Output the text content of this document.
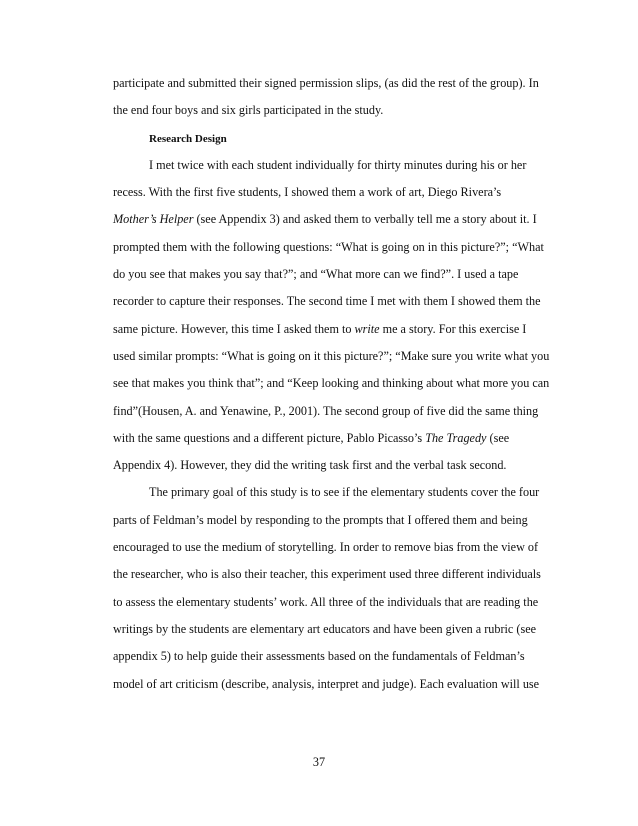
participate and submitted their signed permission slips, (as did the rest of the group). In
the end four boys and six girls participated in the study.
Research Design
I met twice with each student individually for thirty minutes during his or her
recess. With the first five students, I showed them a work of art, Diego Rivera’s
Mother’s Helper (see Appendix 3) and asked them to verbally tell me a story about it. I
prompted them with the following questions: “What is going on in this picture?”; “What
do you see that makes you say that?”; and “What more can we find?”. I used a tape
recorder to capture their responses. The second time I met with them I showed them the
same picture. However, this time I asked them to write me a story. For this exercise I
used similar prompts: “What is going on it this picture?”; “Make sure you write what you
see that makes you think that”; and “Keep looking and thinking about what more you can
find”(Housen, A. and Yenawine, P., 2001). The second group of five did the same thing
with the same questions and a different picture, Pablo Picasso’s The Tragedy (see
Appendix 4). However, they did the writing task first and the verbal task second.
The primary goal of this study is to see if the elementary students cover the four
parts of Feldman’s model by responding to the prompts that I offered them and being
encouraged to use the medium of storytelling. In order to remove bias from the view of
the researcher, who is also their teacher, this experiment used three different individuals
to assess the elementary students’ work. All three of the individuals that are reading the
writings by the students are elementary art educators and have been given a rubric (see
appendix 5) to help guide their assessments based on the fundamentals of Feldman’s
model of art criticism (describe, analysis, interpret and judge). Each evaluation will use
37
